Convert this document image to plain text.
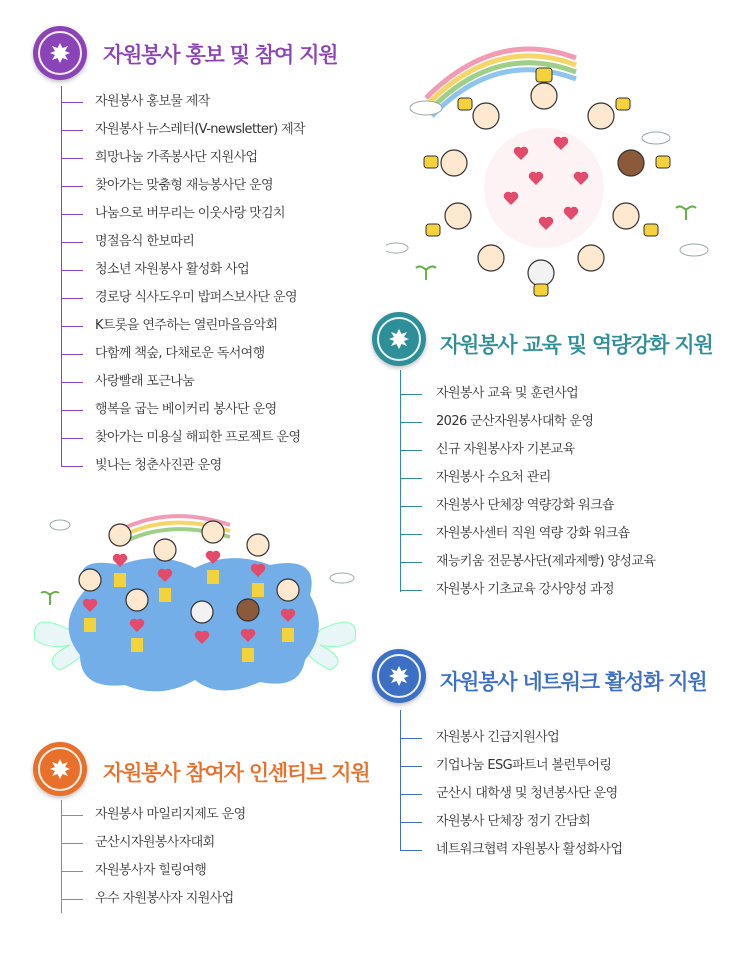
자원봉사 홍보 및 참여 지원
자원봉사 홍보물 제작
자원봉사 뉴스레터(V-newsletter) 제작
희망나눔 가족봉사단 지원사업
찾아가는 맞춤형 재능봉사단 운영
나눔으로 버무리는 이웃사랑 맛김치
명절음식 한보따리
청소년 자원봉사 활성화 사업
경로당 식사도우미 밥퍼스보사단 운영
K트롯을 연주하는 열린마을음악회
다함께 책숲, 다채로운 독서여행
사랑빨래 포근나눔
행복을 굽는 베이커리 봉사단 운영
찾아가는 미용실 해피한 프로젝트 운영
빛나는 청춘사진관 운영
자원봉사 교육 및 역량강화 지원
자원봉사 교육 및 훈련사업
2026 군산자원봉사대학 운영
신규 자원봉사자 기본교육
자원봉사 수요처 관리
자원봉사 단체장 역량강화 워크숍
자원봉사센터 직원 역량 강화 워크숍
재능키움 전문봉사단(제과제빵) 양성교육
자원봉사 기초교육 강사양성 과정
자원봉사 네트워크 활성화 지원
자원봉사 긴급지원사업
기업나눔 ESG파트너 볼런투어링
군산시 대학생 및 청년봉사단 운영
자원봉사 단체장 정기 간담회
네트워크협력 자원봉사 활성화사업
자원봉사 참여자 인센티브 지원
자원봉사 마일리지제도 운영
군산시자원봉사자대회
자원봉사자 힐링여행
우수 자원봉사자 지원사업
